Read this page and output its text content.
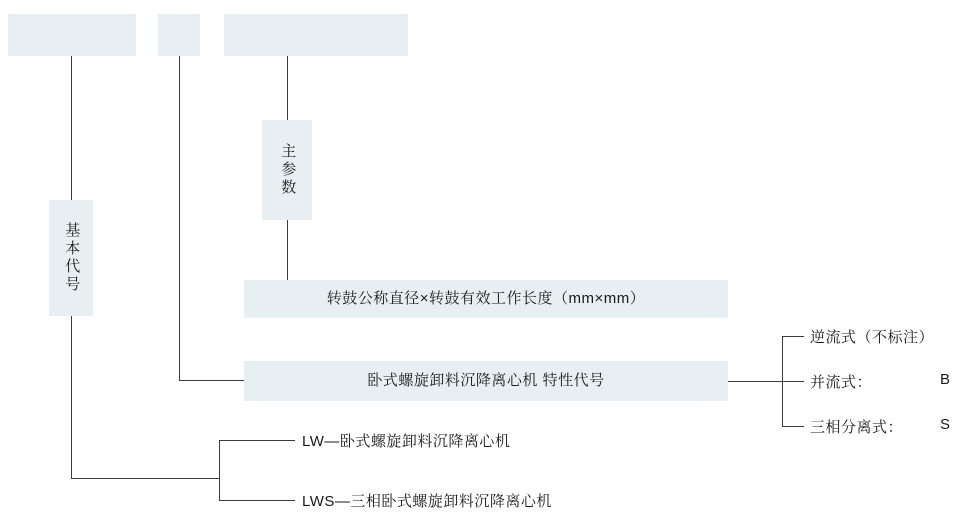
基本代号
主参数
转鼓公称直径×转鼓有效工作长度（mm×mm）
卧式螺旋卸料沉降离心机 特性代号
逆流式（不标注）
并流式：	B
三相分离式： S
LW—卧式螺旋卸料沉降离心机
LWS—三相卧式螺旋卸料沉降离心机
